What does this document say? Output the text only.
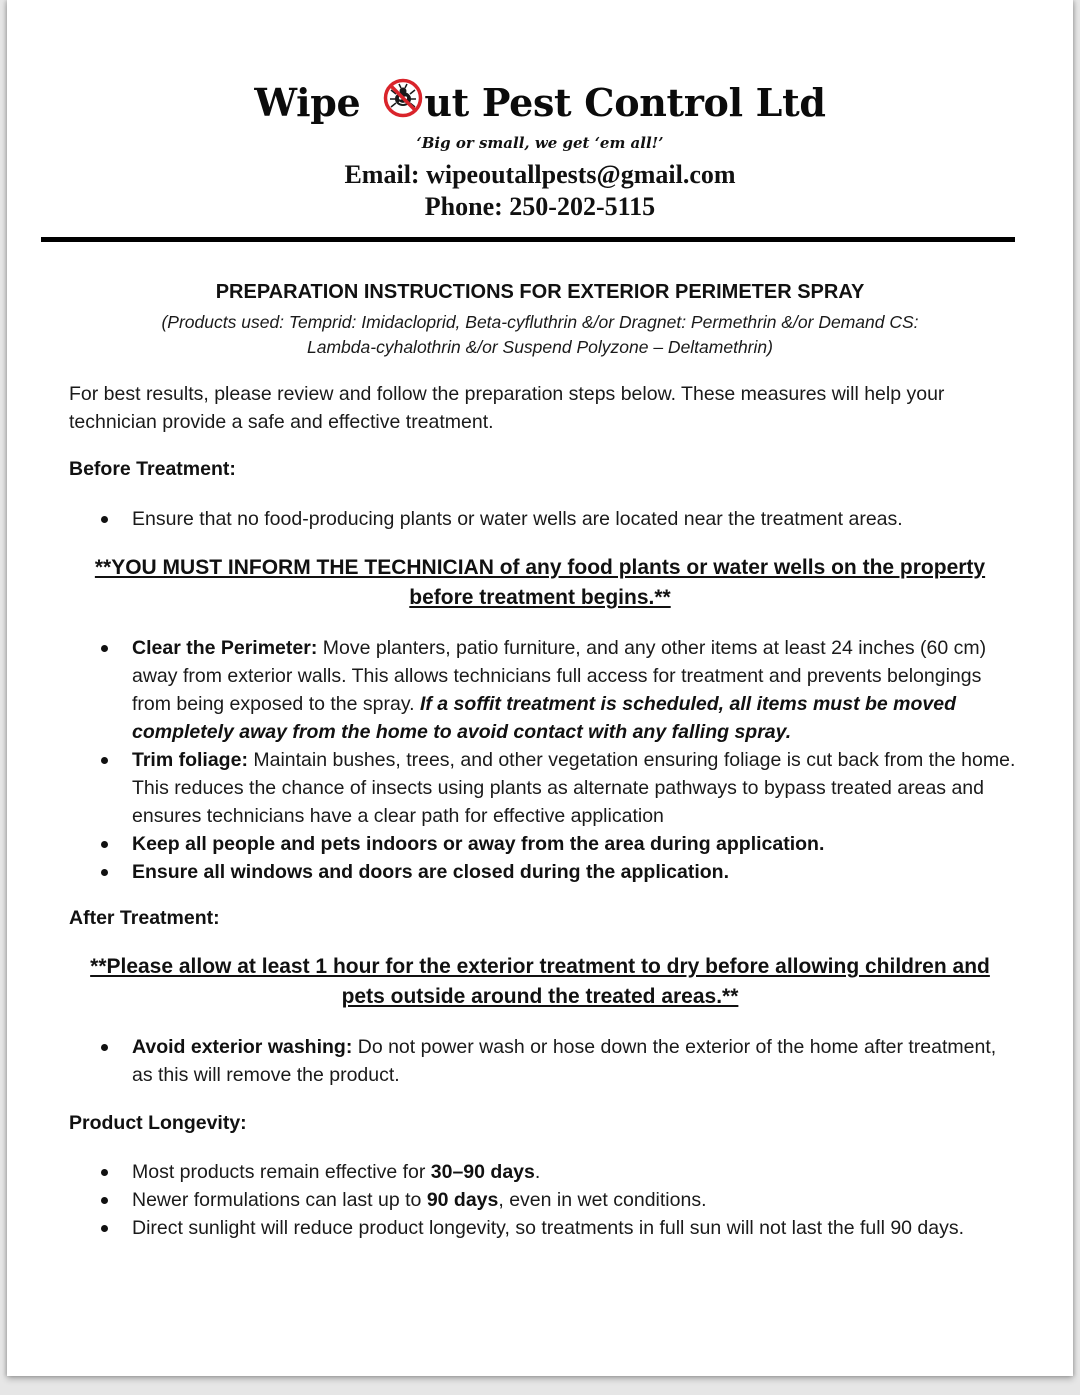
Wipe ut Pest Control Ltd
‘Big or small, we get ‘em all!’
Email: wipeoutallpests@gmail.com
Phone: 250-202-5115
PREPARATION INSTRUCTIONS FOR EXTERIOR PERIMETER SPRAY
(Products used: Temprid: Imidacloprid, Beta-cyfluthrin &/or Dragnet: Permethrin &/or Demand CS:
Lambda-cyhalothrin &/or Suspend Polyzone – Deltamethrin)
For best results, please review and follow the preparation steps below. These measures will help your technician provide a safe and effective treatment.
Before Treatment:
Ensure that no food-producing plants or water wells are located near the treatment areas.
**YOU MUST INFORM THE TECHNICIAN of any food plants or water wells on the property before treatment begins.**
Clear the Perimeter: Move planters, patio furniture, and any other items at least 24 inches (60 cm) away from exterior walls. This allows technicians full access for treatment and prevents belongings from being exposed to the spray. If a soffit treatment is scheduled, all items must be moved completely away from the home to avoid contact with any falling spray.
Trim foliage: Maintain bushes, trees, and other vegetation ensuring foliage is cut back from the home. This reduces the chance of insects using plants as alternate pathways to bypass treated areas and ensures technicians have a clear path for effective application
Keep all people and pets indoors or away from the area during application.
Ensure all windows and doors are closed during the application.
After Treatment:
**Please allow at least 1 hour for the exterior treatment to dry before allowing children and pets outside around the treated areas.**
Avoid exterior washing: Do not power wash or hose down the exterior of the home after treatment, as this will remove the product.
Product Longevity:
Most products remain effective for 30–90 days.
Newer formulations can last up to 90 days, even in wet conditions.
Direct sunlight will reduce product longevity, so treatments in full sun will not last the full 90 days.
